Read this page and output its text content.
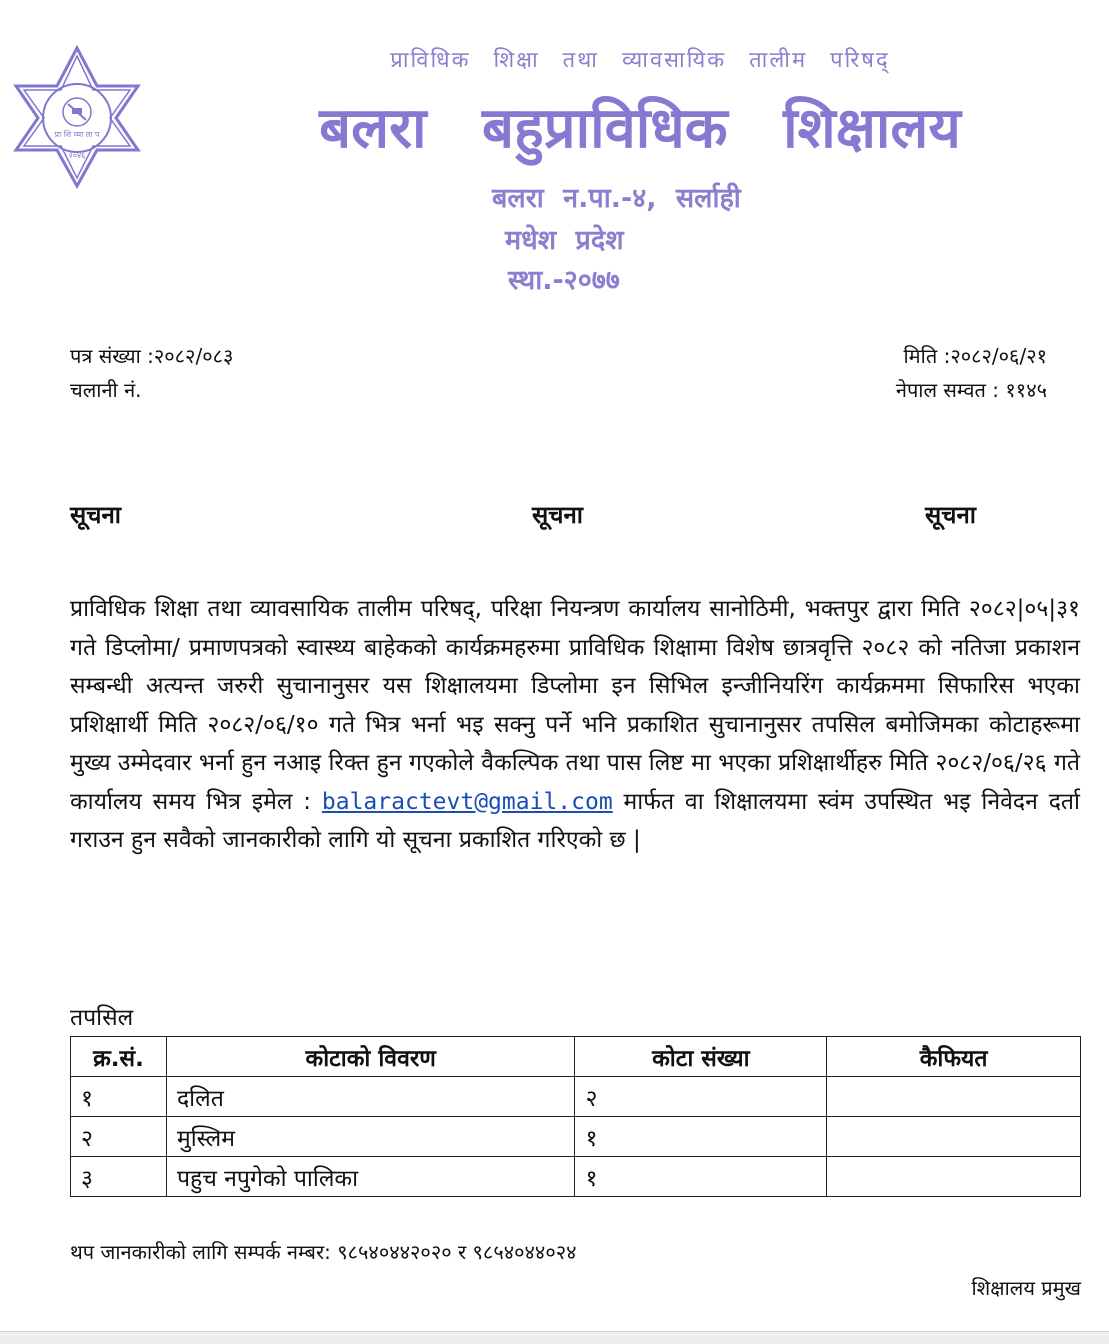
प्रा शि व्या ता प
२०४६
प्राविधिक शिक्षा तथा व्यावसायिक तालीम परिषद्
बलरा बहुप्राविधिक शिक्षालय
बलरा न.पा.-४, सर्लाही
मधेश प्रदेश
स्था.-२०७७
पत्र संख्या :२०८२/०८३
चलानी नं.
मिति :२०८२/०६/२१
नेपाल सम्वत : ११४५
सूचना	सूचना	सूचना
प्राविधिक शिक्षा तथा व्यावसायिक तालीम परिषद्, परिक्षा नियन्त्रण कार्यालय सानोठिमी, भक्तपुर द्वारा मिति २०८२|०५|३१ गते डिप्लोमा/ प्रमाणपत्रको स्वास्थ्य बाहेकको कार्यक्रमहरुमा प्राविधिक शिक्षामा विशेष छात्रवृत्ति २०८२ को नतिजा प्रकाशन सम्बन्धी अत्यन्त जरुरी सुचानानुसर यस शिक्षालयमा डिप्लोमा इन सिभिल इन्जीनियरिंग कार्यक्रममा सिफारिस भएका प्रशिक्षार्थी मिति २०८२/०६/१० गते भित्र भर्ना भइ सक्नु पर्ने भनि प्रकाशित सुचानानुसर तपसिल बमोजिमका कोटाहरूमा मुख्य उम्मेदवार भर्ना हुन नआइ रिक्त हुन गएकोले वैकल्पिक तथा पास लिष्ट मा भएका प्रशिक्षार्थीहरु मिति २०८२/०६/२६ गते कार्यालय समय भित्र इमेल : balaractevt@gmail.com मार्फत वा शिक्षालयमा स्वंम उपस्थित भइ निवेदन दर्ता गराउन हुन सवैको जानकारीको लागि यो सूचना प्रकाशित गरिएको छ |
तपसिल
क्र.सं.	कोटाको विवरण	कोटा संख्या	कैफियत
१	दलित	२	
२	मुस्लिम	१	
३	पहुच नपुगेको पालिका	१	
थप जानकारीको लागि सम्पर्क नम्बर: ९८५४०४४२०२० र ९८५४०४४०२४
शिक्षालय प्रमुख
